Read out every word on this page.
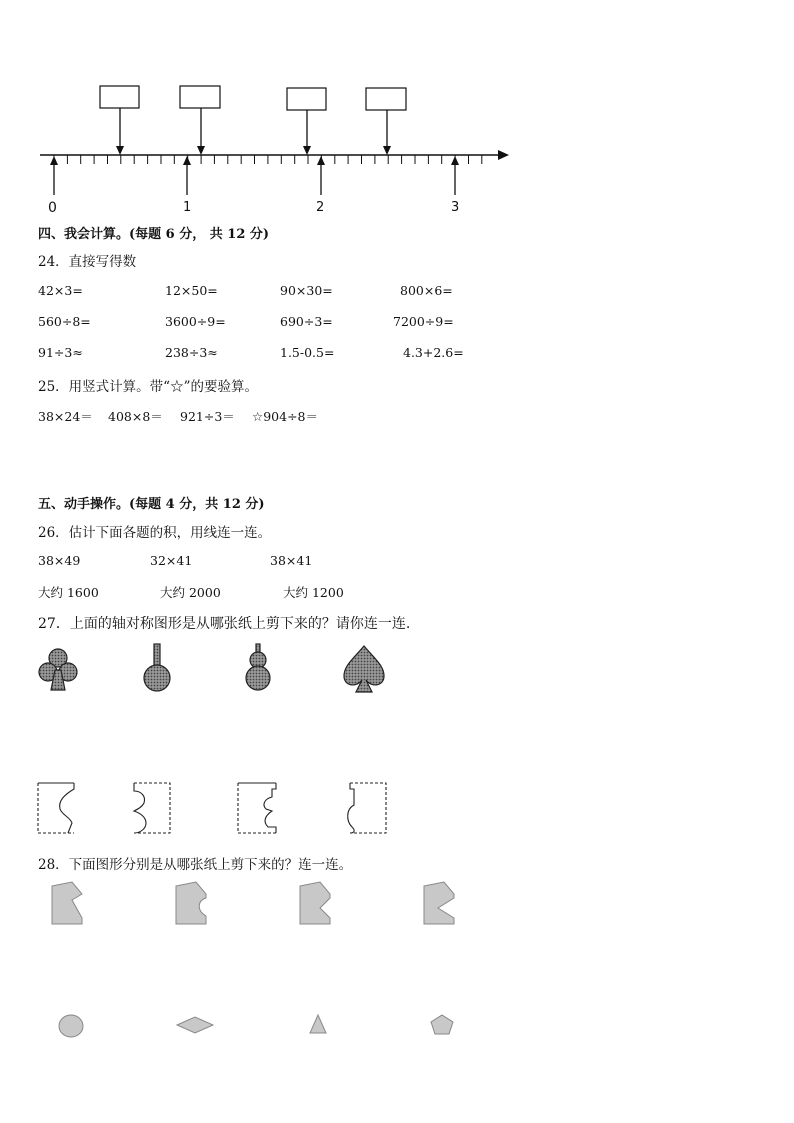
0	1	2	3
四、我会计算。(每题 6 分， 共 12 分)
24．直接写得数
42×3=	12×50=	90×30=	800×6=
560÷8=	3600÷9=	690÷3=	7200÷9=
91÷3≈	238÷3≈	1.5-0.5=	4.3+2.6=
25．用竖式计算。带“☆”的要验算。
38×24＝ 408×8＝ 921÷3＝ ☆904÷8＝
五、动手操作。(每题 4 分，共 12 分)
26．估计下面各题的积，用线连一连。
38×49	32×41	38×41
大约 1600	大约 2000	大约 1200
27．上面的轴对称图形是从哪张纸上剪下来的？请你连一连.
28．下面图形分别是从哪张纸上剪下来的？连一连。
